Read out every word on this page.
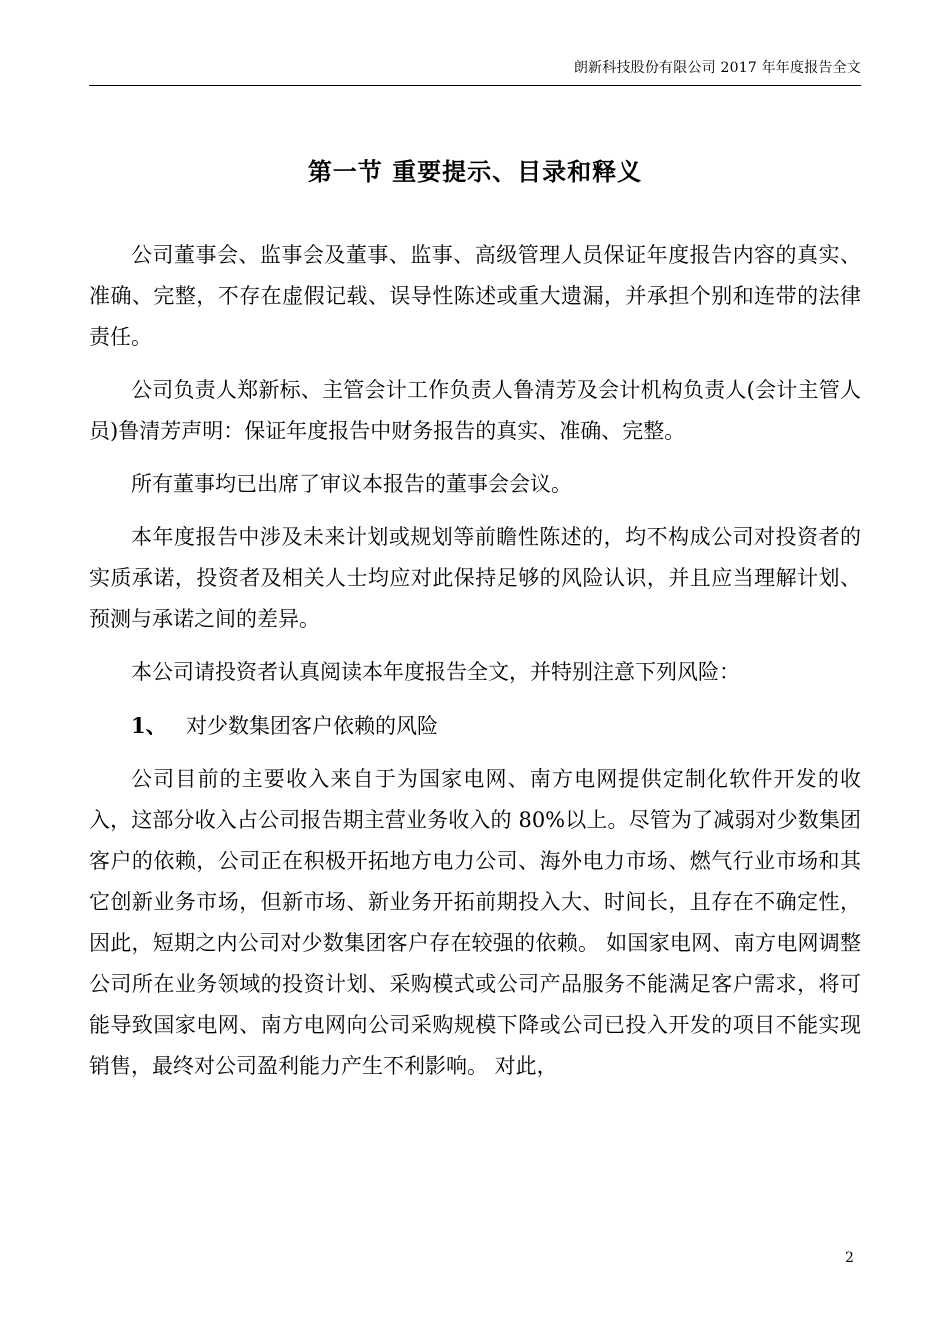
朗新科技股份有限公司 2017 年年度报告全文
第一节 重要提示、目录和释义

公司董事会、监事会及董事、监事、高级管理人员保证年度报告内容的真实、准确、完整，不存在虚假记载、误导性陈述或重大遗漏，并承担个别和连带的法律责任。

公司负责人郑新标、主管会计工作负责人鲁清芳及会计机构负责人(会计主管人员)鲁清芳声明：保证年度报告中财务报告的真实、准确、完整。

所有董事均已出席了审议本报告的董事会会议。

本年度报告中涉及未来计划或规划等前瞻性陈述的，均不构成公司对投资者的实质承诺，投资者及相关人士均应对此保持足够的风险认识，并且应当理解计划、预测与承诺之间的差异。

本公司请投资者认真阅读本年度报告全文，并特别注意下列风险：

1、 对少数集团客户依赖的风险

公司目前的主要收入来自于为国家电网、南方电网提供定制化软件开发的收入，这部分收入占公司报告期主营业务收入的 80%以上。尽管为了减弱对少数集团客户的依赖，公司正在积极开拓地方电力公司、海外电力市场、燃气行业市场和其它创新业务市场，但新市场、新业务开拓前期投入大、时间长，且存在不确定性，因此，短期之内公司对少数集团客户存在较强的依赖。 如国家电网、南方电网调整公司所在业务领域的投资计划、采购模式或公司产品服务不能满足客户需求，将可能导致国家电网、南方电网向公司采购规模下降或公司已投入开发的项目不能实现销售，最终对公司盈利能力产生不利影响。 对此，

2
